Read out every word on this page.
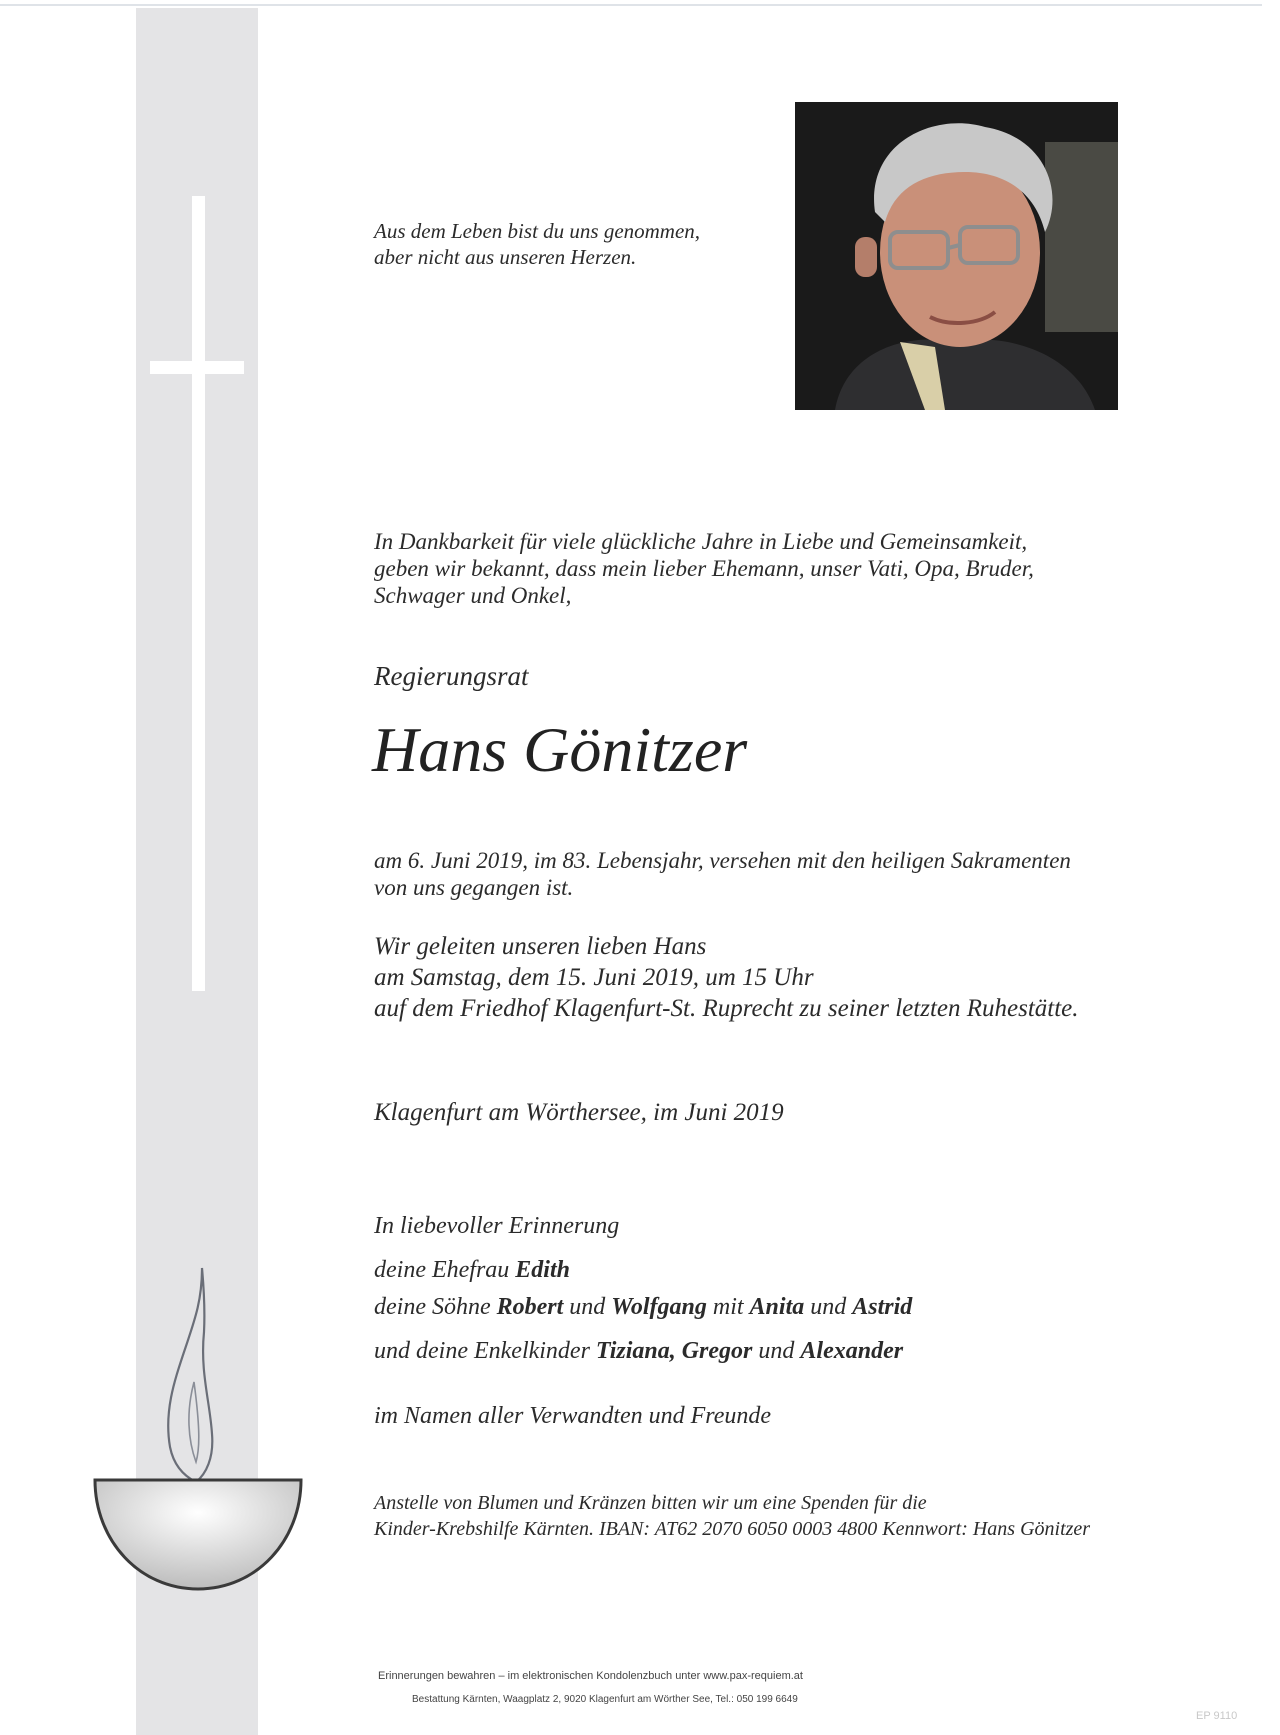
Aus dem Leben bist du uns genommen,
aber nicht aus unseren Herzen.
In Dankbarkeit für viele glückliche Jahre in Liebe und Gemeinsamkeit,
geben wir bekannt, dass mein lieber Ehemann, unser Vati, Opa, Bruder,
Schwager und Onkel,
Regierungsrat
Hans Gönitzer
am 6. Juni 2019, im 83. Lebensjahr, versehen mit den heiligen Sakramenten
von uns gegangen ist.
Wir geleiten unseren lieben Hans
am Samstag, dem 15. Juni 2019, um 15 Uhr
auf dem Friedhof Klagenfurt-St. Ruprecht zu seiner letzten Ruhestätte.
Klagenfurt am Wörthersee, im Juni 2019
In liebevoller Erinnerung
deine Ehefrau Edith
deine Söhne Robert und Wolfgang mit Anita und Astrid
und deine Enkelkinder Tiziana, Gregor und Alexander
im Namen aller Verwandten und Freunde
Anstelle von Blumen und Kränzen bitten wir um eine Spenden für die
Kinder-Krebshilfe Kärnten. IBAN: AT62 2070 6050 0003 4800 Kennwort: Hans Gönitzer
Erinnerungen bewahren – im elektronischen Kondolenzbuch unter www.pax-requiem.at
Bestattung Kärnten, Waagplatz 2, 9020 Klagenfurt am Wörther See, Tel.: 050 199 6649
EP 9110
